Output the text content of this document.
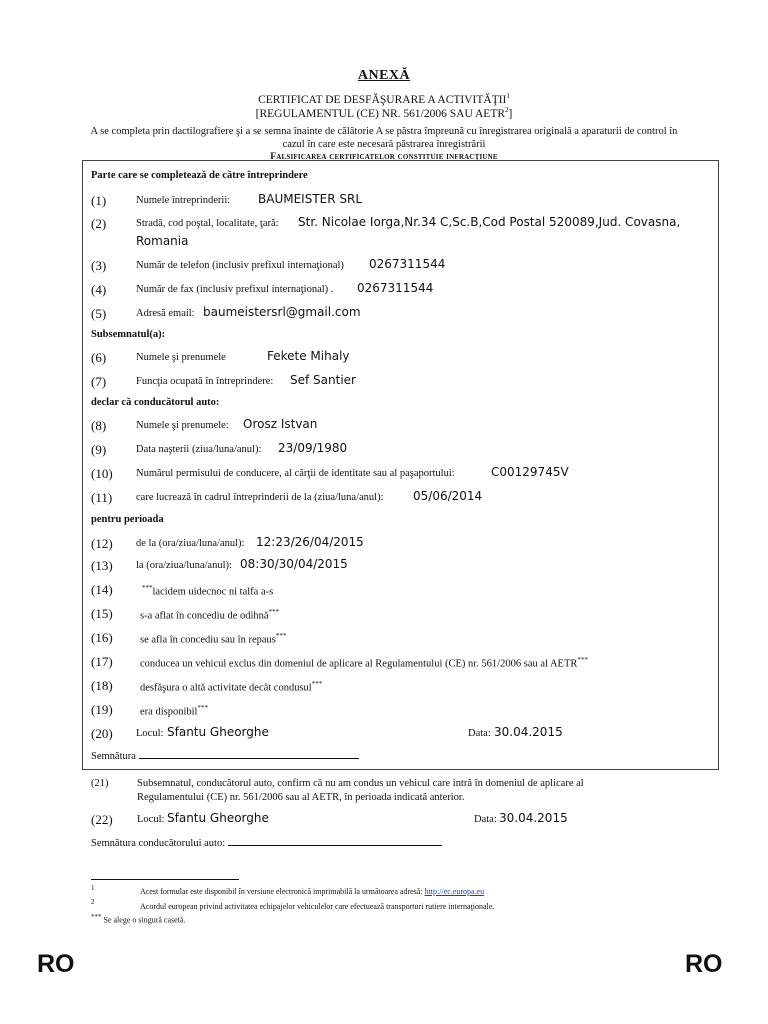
ANEXĂ
CERTIFICAT DE DESFĂŞURARE A ACTIVITĂŢII$^1$
[REGULAMENTUL (CE) NR. 561/2006 SAU AETR$^2$]
A se completa prin dactilografiere şi a se semna înainte de călătorie A se păstra împreună cu înregistrarea originală a aparaturii de control în cazul în care este necesară păstrarea înregistrării
Falsificarea certificatelor constituie infracţiune
Parte care se completează de către întreprindere
(1)	Numele întreprinderii: BAUMEISTER SRL
(2)	Stradă, cod poştal, localitate, ţară: Str. Nicolae Iorga,Nr.34 C,Sc.B,Cod Postal 520089,Jud. Covasna,
Romania
(3)	Număr de telefon (inclusiv prefixul internaţional) 0267311544
(4)	Număr de fax (inclusiv prefixul internaţional) . 0267311544
(5)	Adresă email: baumeistersrl@gmail.com
Subsemnatul(a):
(6)	Numele şi prenumele	Fekete Mihaly
(7)	Funcţia ocupată în întreprindere: Sef Santier
declar că conducătorul auto:
(8)	Numele şi prenumele: Orosz Istvan
(9)	Data naşterii (ziua/luna/anul): 23/09/1980
(10) Numărul permisului de conducere, al cărţii de identitate sau al paşaportului:	C00129745V
(11) care lucrează în cadrul întreprinderii de la (ziua/luna/anul): 05/06/2014
pentru perioada
(12) de la (ora/ziua/luna/anul): 12:23/26/04/2015
(13) la (ora/ziua/luna/anul): 08:30/30/04/2015
(14)	***lacidem uidecnoc ni talfa a-s
(15)	s-a aflat în concediu de odihnă***
(16)	se afla în concediu sau în repaus***
(17)	conducea un vehicul exclus din domeniul de aplicare al Regulamentului (CE) nr. 561/2006 sau al AETR***
(18)	desfăşura o altă activitate decât condusul***
(19)	era disponibil***
(20) Locul: Sfantu Gheorghe	Data: 30.04.2015
Semnătura
(21)	Subsemnatul, conducătorul auto, confirm că nu am condus un vehicul care intră în domeniul de aplicare al
Regulamentului (CE) nr. 561/2006 sau al AETR, în perioada indicată anterior.
(22) Locul: Sfantu Gheorghe	Data: 30.04.2015
Semnătura conducătorului auto:
$^1$	Acest formular este disponibil în versiune electronică imprimabilă la următoarea adresă: http://ec.europa.eu
$^2$	Acordul european privind activitatea echipajelor vehiculelor care efectuează transporturi rutiere internaţionale.
*** Se alege o singură casetă.
RO	RO
